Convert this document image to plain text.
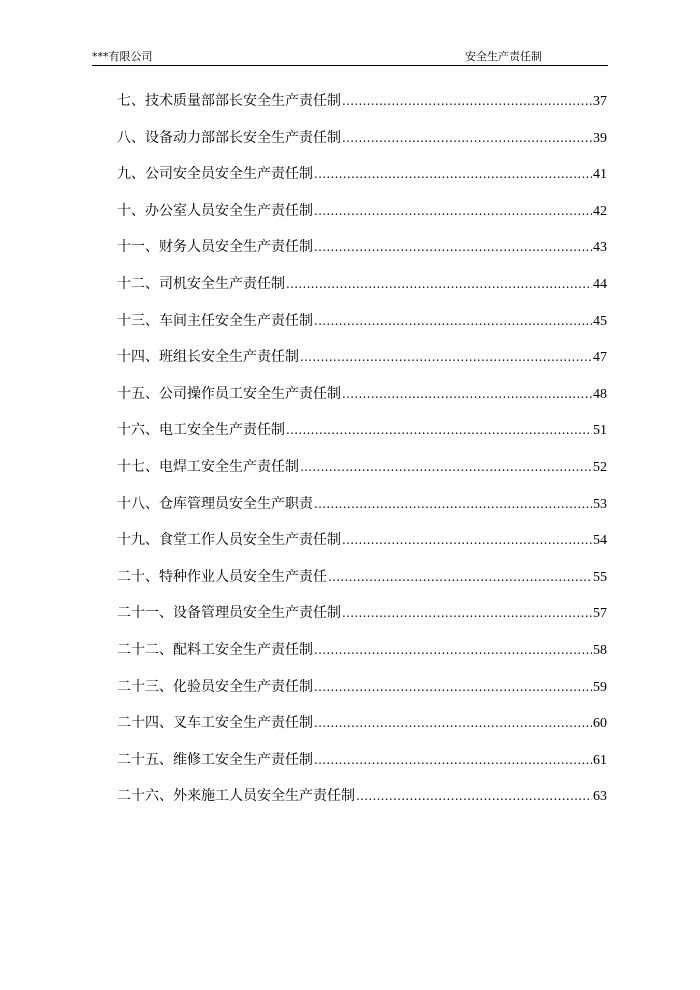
***有限公司	安全生产责任制
七、 技术质量部部长安全生产责任制 .....	37
八、 设备动力部部长安全生产责任制 .....	39
九、 公司安全员安全生产责任制 .....	41
十、 办公室人员安全生产责任制 .....	42
十一、 财务人员安全生产责任制 .....	43
十二、 司机安全生产责任制 .....	44
十三、 车间主任安全生产责任制 .....	45
十四、 班组长安全生产责任制 .....	47
十五、 公司操作员工安全生产责任制 .....	48
十六、 电工安全生产责任制 .....	51
十七、 电焊工安全生产责任制 .....	52
十八、 仓库管理员安全生产职责 .....	53
十九、 食堂工作人员安全生产责任制 .....	54
二十、 特种作业人员安全生产责任 .....	55
二十一、 设备管理员安全生产责任制 .....	57
二十二、 配料工安全生产责任制 .....	58
二十三、 化验员安全生产责任制 .....	59
二十四、 叉车工安全生产责任制 .....	60
二十五、 维修工安全生产责任制 .....	61
二十六、 外来施工人员安全生产责任制 .....	63
